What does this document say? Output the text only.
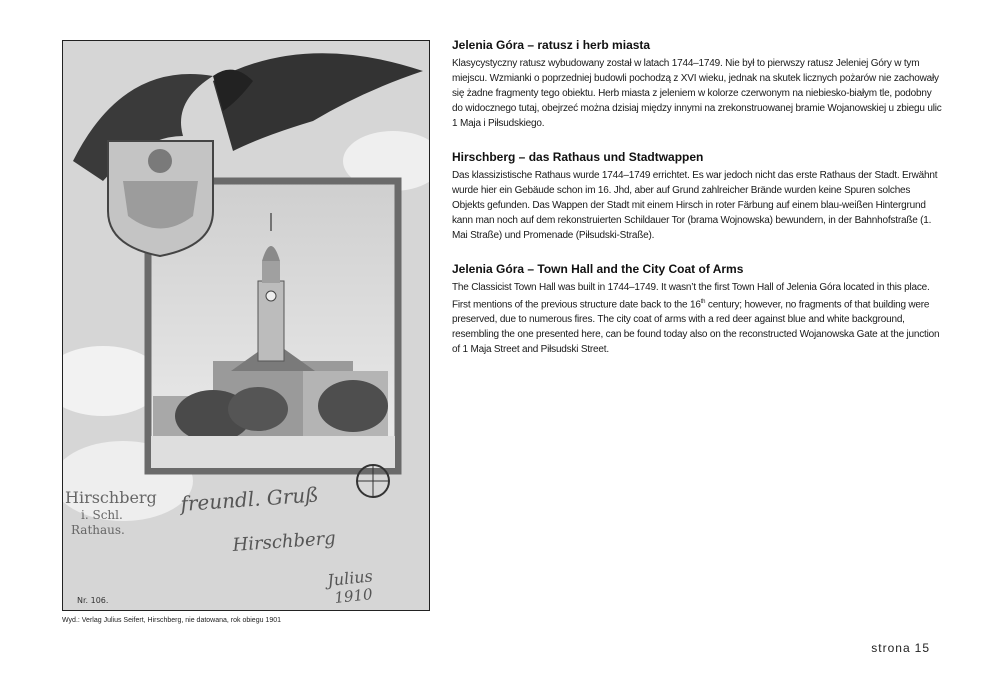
Hirschberg
i. Schl.
Rathaus.
freundl. Gruß
Hirschberg
Julius
1910
Nr. 106.
Wyd.: Verlag Julius Seifert, Hirschberg, nie datowana, rok obiegu 1901
Jelenia Góra – ratusz i herb miasta

Klasycystyczny ratusz wybudowany został w latach 1744–1749. Nie był to pierwszy ratusz Jeleniej Góry w tym miejscu. Wzmianki o poprzedniej budowli pochodzą z XVI wieku, jednak na skutek licznych pożarów nie zachowały się żadne fragmenty tego obiektu. Herb miasta z jeleniem w kolorze czerwonym na niebiesko-białym tle, podobny do widocznego tutaj, obejrzeć można dzisiaj między innymi na zrekonstruowanej bramie Wojanowskiej u zbiegu ulic 1 Maja i Piłsudskiego.

Hirschberg – das Rathaus und Stadtwappen

Das klassizistische Rathaus wurde 1744–1749 errichtet. Es war jedoch nicht das erste Rathaus der Stadt. Erwähnt wurde hier ein Gebäude schon im 16. Jhd, aber auf Grund zahlreicher Brände wurden keine Spuren solches Objekts gefunden. Das Wappen der Stadt mit einem Hirsch in roter Färbung auf einem blau-weißen Hintergrund kann man noch auf dem rekonstruierten Schildauer Tor (brama Wojnowska) bewundern, in der Bahnhofstraße (1. Mai Straße) und Promenade (Piłsudski-Straße).

Jelenia Góra – Town Hall and the City Coat of Arms

The Classicist Town Hall was built in 1744–1749. It wasn’t the first Town Hall of Jelenia Góra located in this place. First mentions of the previous structure date back to the 16th century; however, no fragments of that building were preserved, due to numerous fires. The city coat of arms with a red deer against blue and white background, resembling the one presented here, can be found today also on the reconstructed Wojanowska Gate at the junction of 1 Maja Street and Piłsudski Street.

strona 15
